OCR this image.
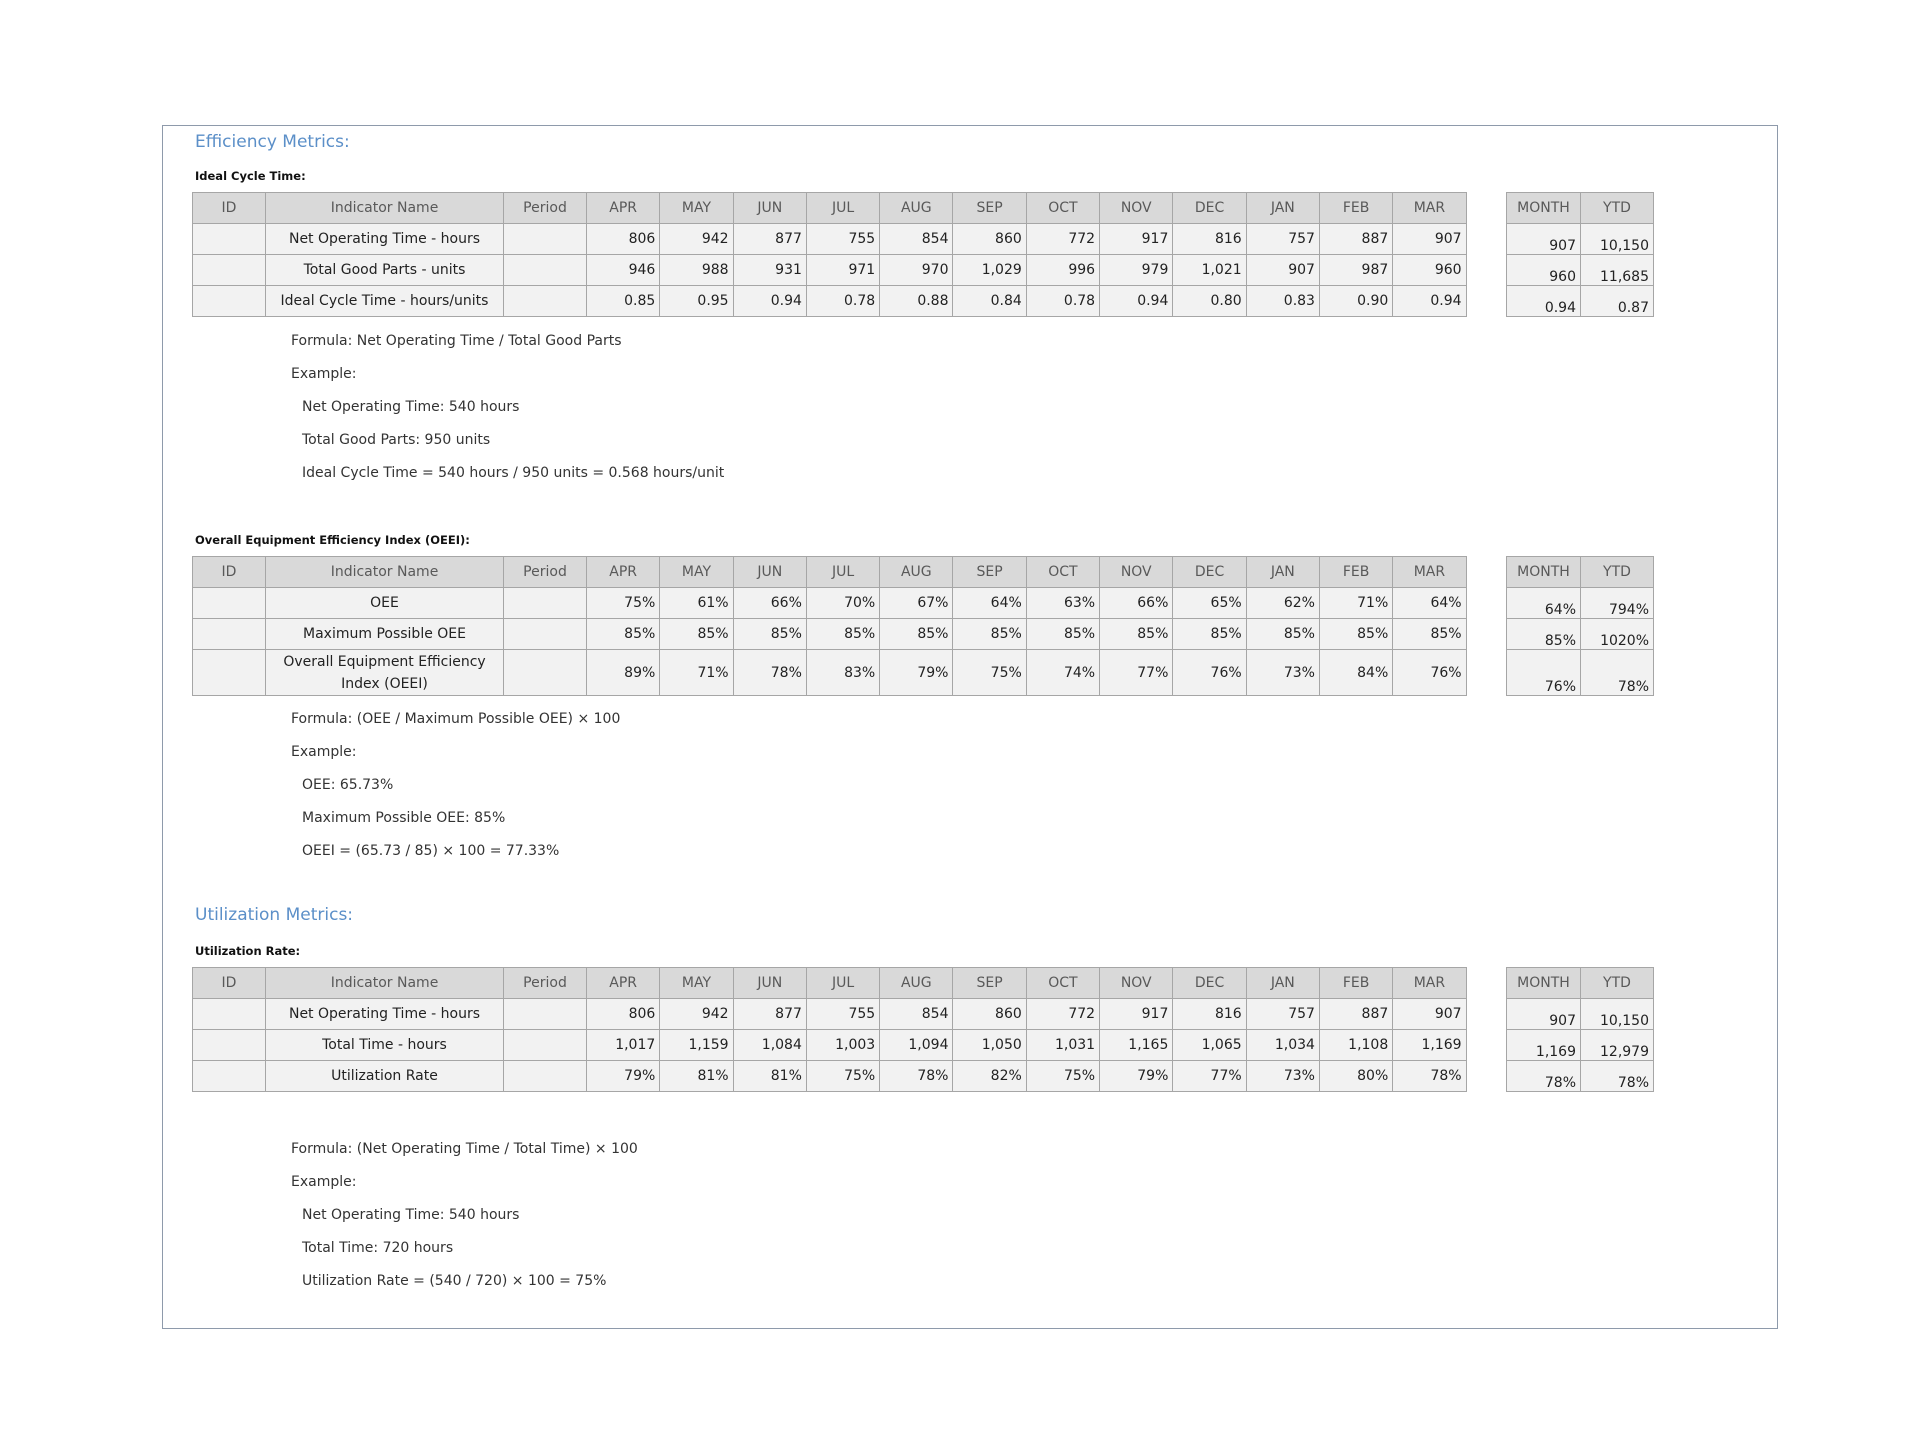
Efficiency Metrics:
Ideal Cycle Time:
ID	Indicator Name	Period	APR	MAY	JUN	JUL	AUG	SEP	OCT	NOV	DEC	JAN	FEB	MAR
	Net Operating Time - hours		806	942	877	755	854	860	772	917	816	757	887	907
	Total Good Parts - units		946	988	931	971	970	1,029	996	979	1,021	907	987	960
	Ideal Cycle Time - hours/units		0.85	0.95	0.94	0.78	0.88	0.84	0.78	0.94	0.80	0.83	0.90	0.94
MONTH	YTD
907	10,150
960	11,685
0.94	0.87
Formula: Net Operating Time / Total Good Parts
Example:
Net Operating Time: 540 hours
Total Good Parts: 950 units
Ideal Cycle Time = 540 hours / 950 units = 0.568 hours/unit
Overall Equipment Efficiency Index (OEEI):
ID	Indicator Name	Period	APR	MAY	JUN	JUL	AUG	SEP	OCT	NOV	DEC	JAN	FEB	MAR
	OEE		75%	61%	66%	70%	67%	64%	63%	66%	65%	62%	71%	64%
	Maximum Possible OEE		85%	85%	85%	85%	85%	85%	85%	85%	85%	85%	85%	85%
	Overall Equipment Efficiency Index (OEEI)		89%	71%	78%	83%	79%	75%	74%	77%	76%	73%	84%	76%
MONTH	YTD
64%	794%
85%	1020%
76%	78%
Formula: (OEE / Maximum Possible OEE) × 100
Example:
OEE: 65.73%
Maximum Possible OEE: 85%
OEEI = (65.73 / 85) × 100 = 77.33%
Utilization Metrics:
Utilization Rate:
ID	Indicator Name	Period	APR	MAY	JUN	JUL	AUG	SEP	OCT	NOV	DEC	JAN	FEB	MAR
	Net Operating Time - hours		806	942	877	755	854	860	772	917	816	757	887	907
	Total Time - hours		1,017	1,159	1,084	1,003	1,094	1,050	1,031	1,165	1,065	1,034	1,108	1,169
	Utilization Rate		79%	81%	81%	75%	78%	82%	75%	79%	77%	73%	80%	78%
MONTH	YTD
907	10,150
1,169	12,979
78%	78%
Formula: (Net Operating Time / Total Time) × 100
Example:
Net Operating Time: 540 hours
Total Time: 720 hours
Utilization Rate = (540 / 720) × 100 = 75%
